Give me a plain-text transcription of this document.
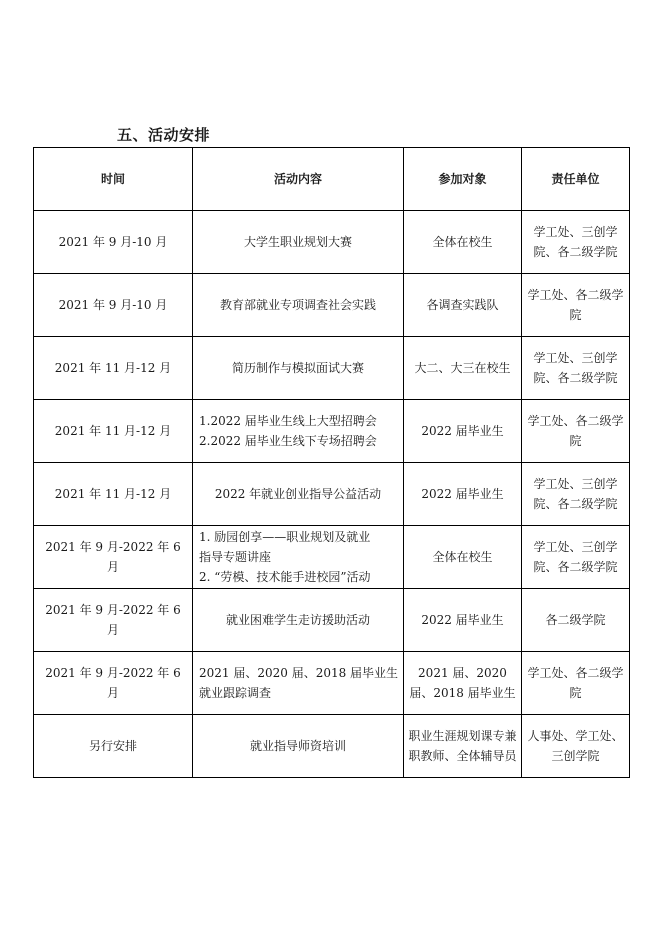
五、活动安排
时间	活动内容	参加对象	责任单位
2021 年 9 月-10 月	大学生职业规划大赛	全体在校生	学工处、三创学院、各二级学院
2021 年 9 月-10 月	教育部就业专项调查社会实践	各调查实践队	学工处、各二级学院
2021 年 11 月-12 月	简历制作与模拟面试大赛	大二、大三在校生	学工处、三创学院、各二级学院
2021 年 11 月-12 月	1.2022 届毕业生线上大型招聘会
2.2022 届毕业生线下专场招聘会	2022 届毕业生	学工处、各二级学院
2021 年 11 月-12 月	2022 年就业创业指导公益活动	2022 届毕业生	学工处、三创学院、各二级学院
2021 年 9 月-2022 年 6 月	1. 励园创享——职业规划及就业
指导专题讲座
2. “劳模、技术能手进校园”活动	全体在校生	学工处、三创学院、各二级学院
2021 年 9 月-2022 年 6 月	就业困难学生走访援助活动	2022 届毕业生	各二级学院
2021 年 9 月-2022 年 6 月	2021 届、2020 届、2018 届毕业生
就业跟踪调查	2021 届、2020 届、2018 届毕业生	学工处、各二级学院
另行安排	就业指导师资培训	职业生涯规划课专兼职教师、全体辅导员	人事处、学工处、三创学院
